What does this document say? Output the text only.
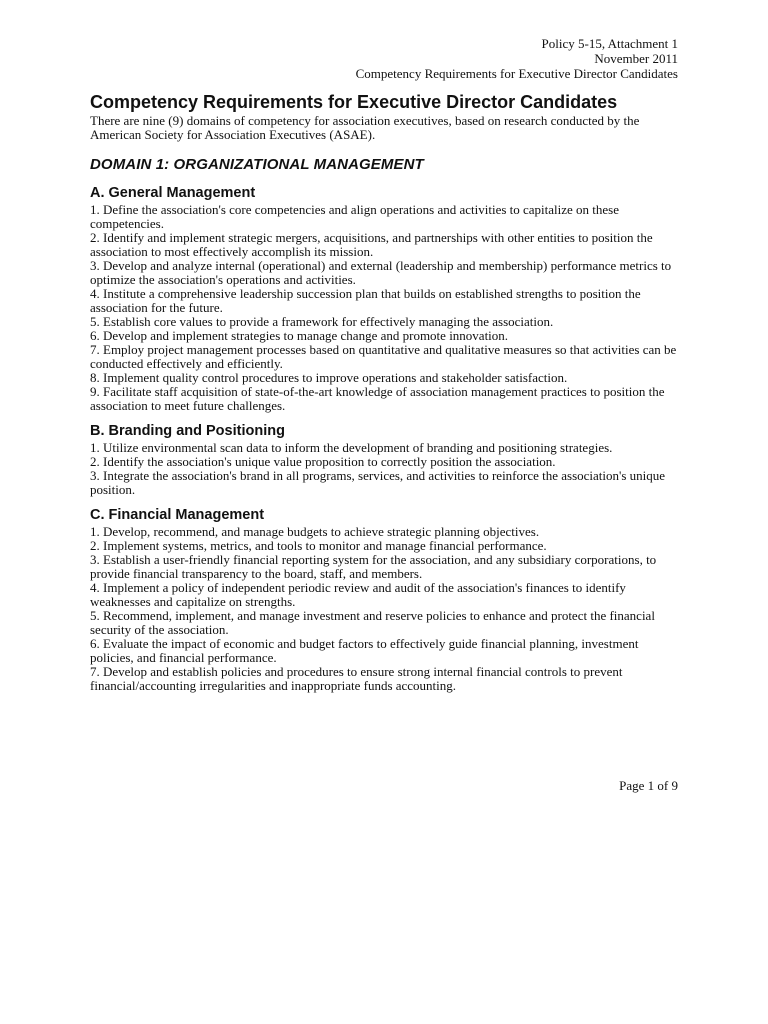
Policy 5-15, Attachment 1
November 2011
Competency Requirements for Executive Director Candidates
Competency Requirements for Executive Director Candidates

There are nine (9) domains of competency for association executives, based on research conducted by the American Society for Association Executives (ASAE).

DOMAIN 1: ORGANIZATIONAL MANAGEMENT
A. General Management

1. Define the association's core competencies and align operations and activities to capitalize on these competencies.

2. Identify and implement strategic mergers, acquisitions, and partnerships with other entities to position the association to most effectively accomplish its mission.

3. Develop and analyze internal (operational) and external (leadership and membership) performance metrics to optimize the association's operations and activities.

4. Institute a comprehensive leadership succession plan that builds on established strengths to position the association for the future.

5. Establish core values to provide a framework for effectively managing the association.

6. Develop and implement strategies to manage change and promote innovation.

7. Employ project management processes based on quantitative and qualitative measures so that activities can be conducted effectively and efficiently.

8. Implement quality control procedures to improve operations and stakeholder satisfaction.

9. Facilitate staff acquisition of state-of-the-art knowledge of association management practices to position the association to meet future challenges.

B. Branding and Positioning

1. Utilize environmental scan data to inform the development of branding and positioning strategies.

2. Identify the association's unique value proposition to correctly position the association.

3. Integrate the association's brand in all programs, services, and activities to reinforce the association's unique position.

C. Financial Management

1. Develop, recommend, and manage budgets to achieve strategic planning objectives.

2. Implement systems, metrics, and tools to monitor and manage financial performance.

3. Establish a user-friendly financial reporting system for the association, and any subsidiary corporations, to provide financial transparency to the board, staff, and members.

4. Implement a policy of independent periodic review and audit of the association's finances to identify weaknesses and capitalize on strengths.

5. Recommend, implement, and manage investment and reserve policies to enhance and protect the financial security of the association.

6. Evaluate the impact of economic and budget factors to effectively guide financial planning, investment policies, and financial performance.

7. Develop and establish policies and procedures to ensure strong internal financial controls to prevent financial/accounting irregularities and inappropriate funds accounting.

Page 1 of 9
